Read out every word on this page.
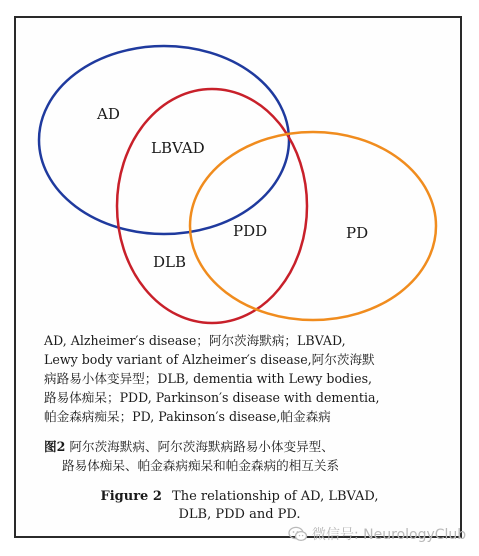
AD
LBVAD
DLB
PDD	PD
AD, Alzheimer′s disease；阿尔茨海默病；LBVAD,
Lewy body variant of Alzheimer′s disease,阿尔茨海默
病路易小体变异型；DLB, dementia with Lewy bodies,
路易体痴呆；PDD, Parkinson′s disease with dementia,
帕金森病痴呆；PD, Pakinson′s disease,帕金森病
图2 阿尔茨海默病、阿尔茨海默病路易小体变异型、
路易体痴呆、帕金森病痴呆和帕金森病的相互关系
Figure 2 The relationship of AD, LBVAD,
DLB, PDD and PD.
微信号: NeurologyClub
